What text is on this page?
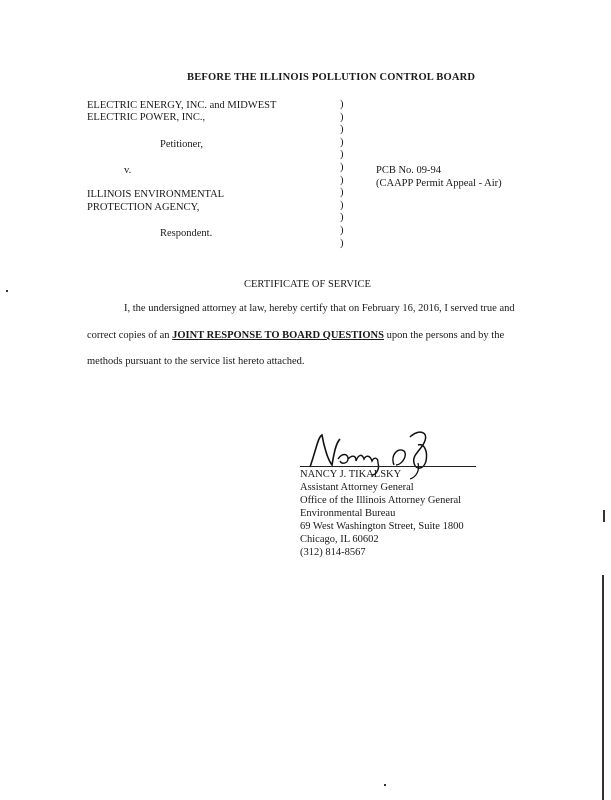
BEFORE THE ILLINOIS POLLUTION CONTROL BOARD
ELECTRIC ENERGY, INC. and MIDWEST
ELECTRIC POWER, INC.,
Petitioner,
v.
ILLINOIS ENVIRONMENTAL
PROTECTION AGENCY,
Respondent.
)
)
)
)
)
)
)
)
)
)
)
)
PCB No. 09-94
(CAAPP Permit Appeal - Air)
CERTIFICATE OF SERVICE
I, the undersigned attorney at law, hereby certify that on February 16, 2016, I served true and
correct copies of an JOINT RESPONSE TO BOARD QUESTIONS upon the persons and by the
methods pursuant to the service list hereto attached.
NANCY J. TIKALSKY
Assistant Attorney General
Office of the Illinois Attorney General
Environmental Bureau
69 West Washington Street, Suite 1800
Chicago, IL 60602
(312) 814-8567
